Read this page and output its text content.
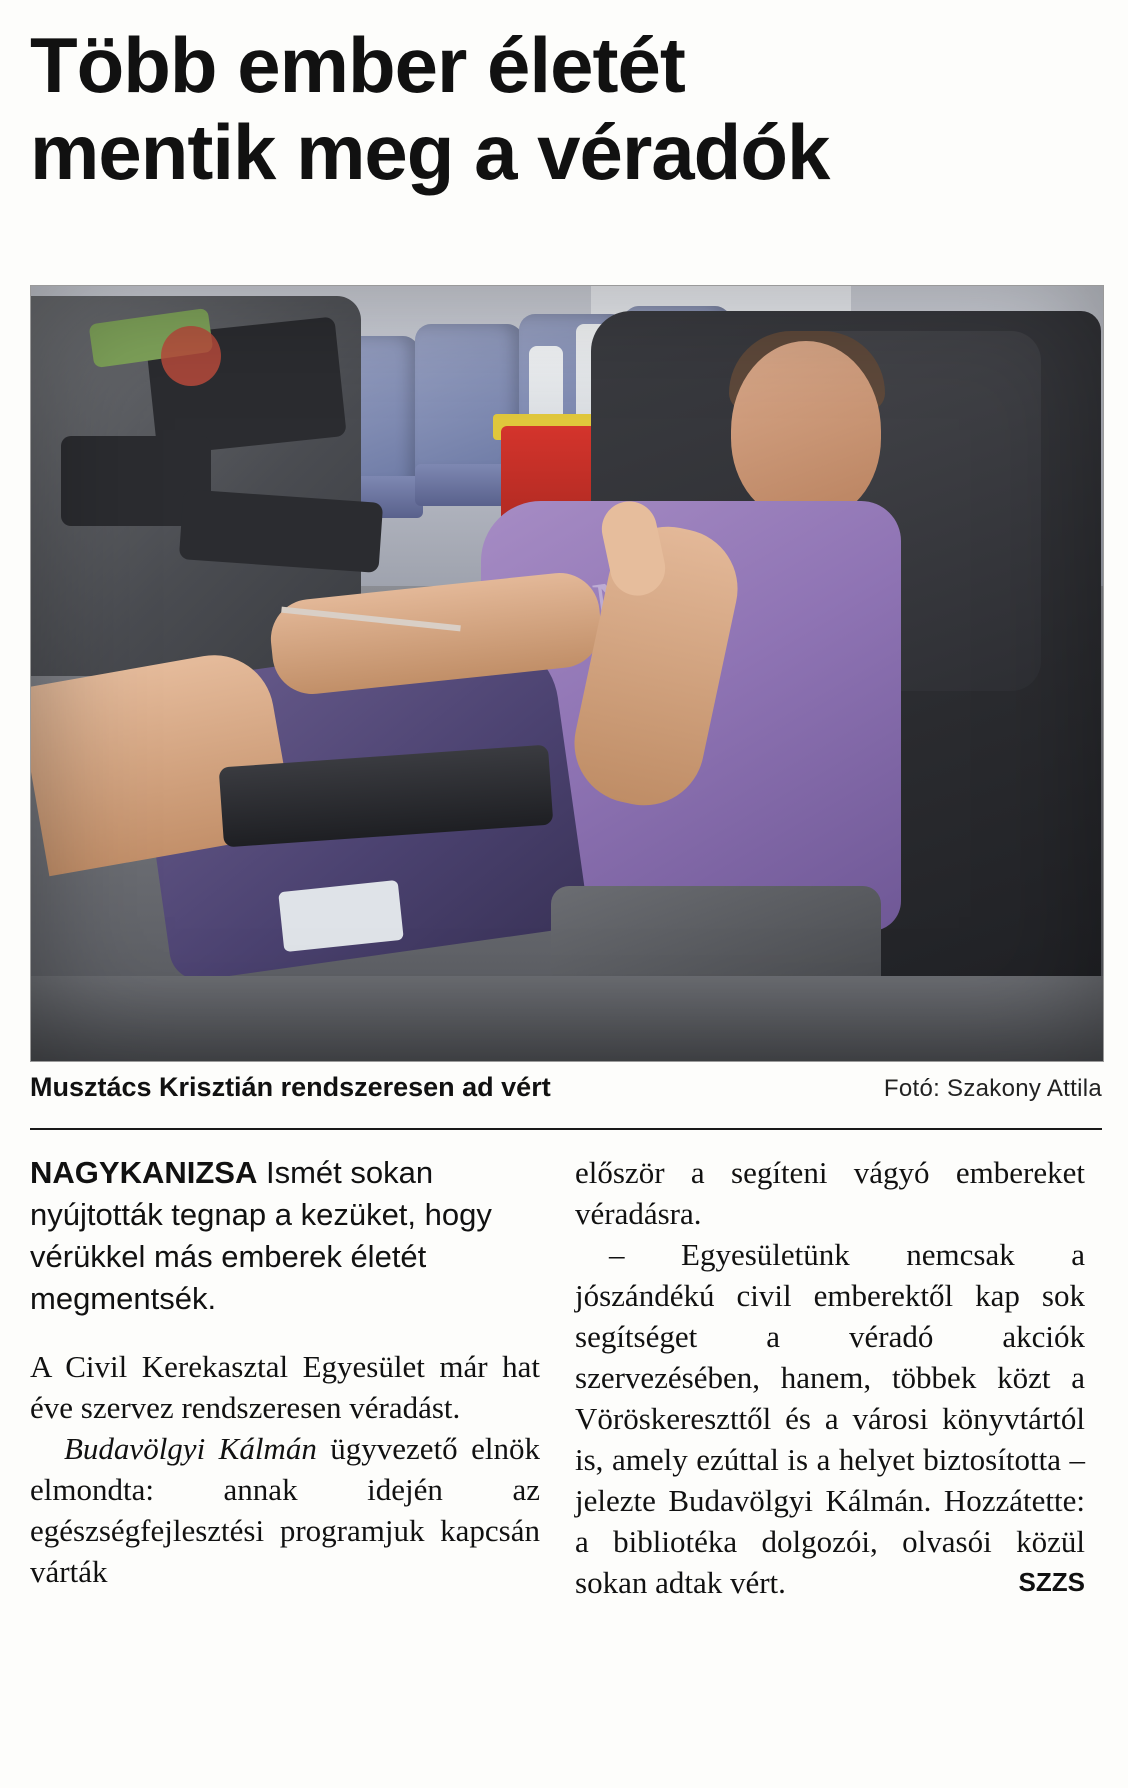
Több ember életét
mentik meg a véradók
Musztács Krisztián rendszeresen ad vért	Fotó: Szakony Attila

NAGYKANIZSA Ismét sokan nyújtották tegnap a kezüket, hogy vérükkel más emberek életét megmentsék.

A Civil Kerekasztal Egyesület már hat éve szervez rendszeresen véradást.

Budavölgyi Kálmán ügyvezető elnök elmondta: annak idején az egészségfejlesztési programjuk kapcsán várták

először a segíteni vágyó embereket véradásra.

– Egyesületünk nemcsak a jószándékú civil emberektől kap sok segítséget a véradó akciók szervezésében, hanem, többek közt a Vöröskereszttől és a városi könyvtártól is, amely ezúttal is a helyet biztosította – jelezte Budavölgyi Kálmán. Hozzátette: a bibliotéka dolgozói, olvasói közül sokan adtak vért.	SZZS
